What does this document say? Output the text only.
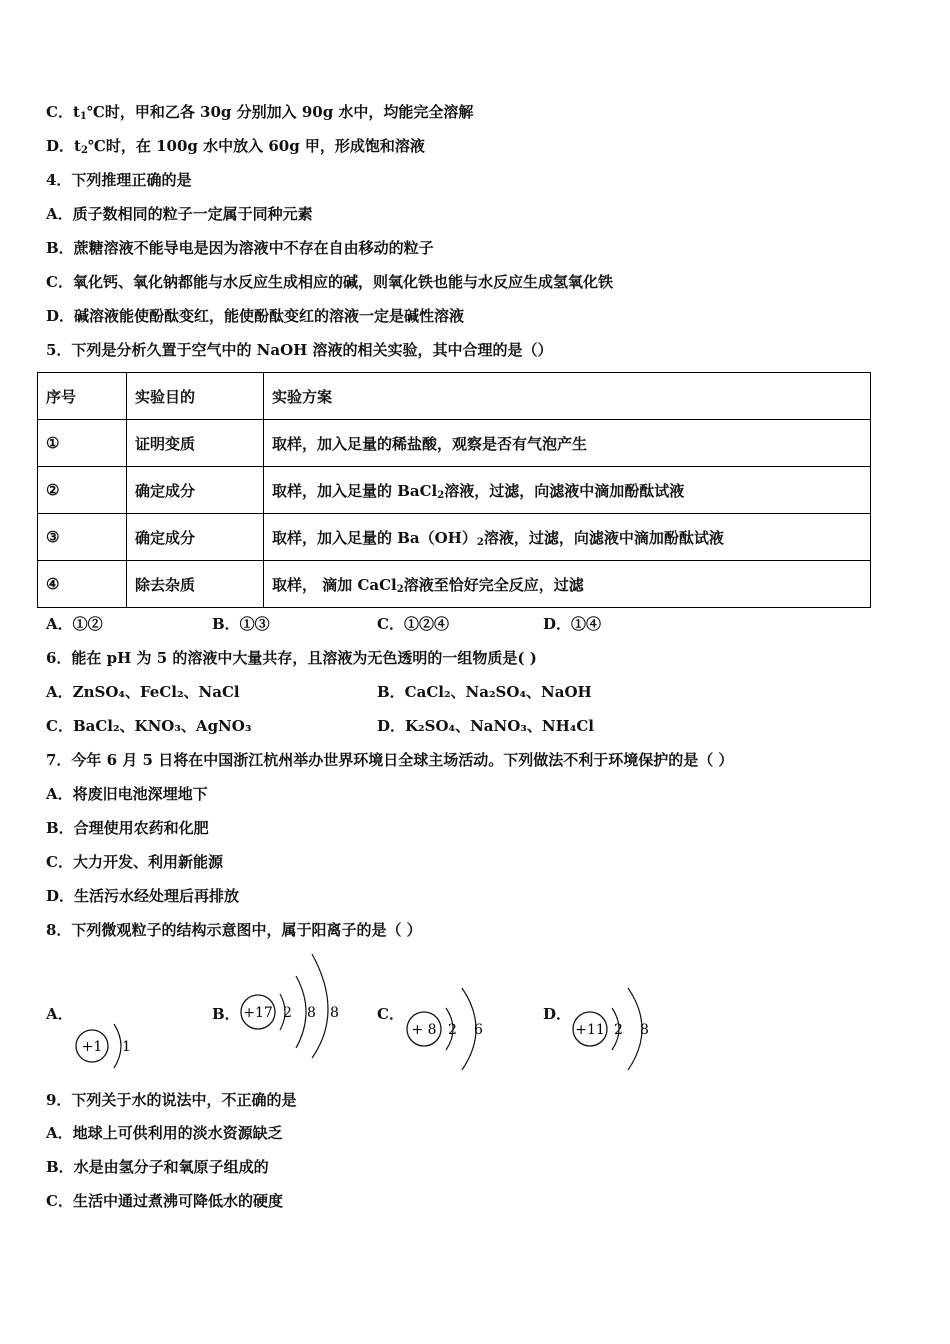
C．$t_1℃$时，甲和乙各 30g 分别加入 90g 水中，均能完全溶解
D．$t_2℃$时，在 100g 水中放入 60g 甲，形成饱和溶液
4．下列推理正确的是
A．质子数相同的粒子一定属于同种元素
B．蔗糖溶液不能导电是因为溶液中不存在自由移动的粒子
C．氧化钙、氧化钠都能与水反应生成相应的碱，则氧化铁也能与水反应生成氢氧化铁
D．碱溶液能使酚酞变红，能使酚酞变红的溶液一定是碱性溶液
5．下列是分析久置于空气中的 NaOH 溶液的相关实验，其中合理的是（）
序号	实验目的	实验方案
①	证明变质	取样，加入足量的稀盐酸，观察是否有气泡产生
②	确定成分	取样，加入足量的 BaCl$_2$溶液，过滤，向滤液中滴加酚酞试液
③	确定成分	取样，加入足量的 $Ba(OH)_2$溶液，过滤，向滤液中滴加酚酞试液
④	除去杂质	取样， 滴加 CaCl$_2$溶液至恰好完全反应，过滤
A．①②	B．①③	C．①②④	D．①④
6．能在 pH 为 5 的溶液中大量共存，且溶液为无色透明的一组物质是( )
A．ZnSO₄、FeCl₂、NaCl	B．CaCl₂、Na₂SO₄、NaOH
C．BaCl₂、KNO₃、AgNO₃	D．K₂SO₄、NaNO₃、NH₄Cl
7．今年 6 月 5 日将在中国浙江杭州举办世界环境日全球主场活动。下列做法不利于环境保护的是（ ）
A．将废旧电池深埋地下
B．合理使用农药和化肥
C．大力开发、利用新能源
D．生活污水经处理后再排放
8．下列微观粒子的结构示意图中，属于阳离子的是（ ）
A．	B．	C．	D．
+1 1
+17 2 8 8
+ 8 2 6	+11 2 8
9．下列关于水的说法中，不正确的是
A．地球上可供利用的淡水资源缺乏
B．水是由氢分子和氧原子组成的
C．生活中通过煮沸可降低水的硬度
